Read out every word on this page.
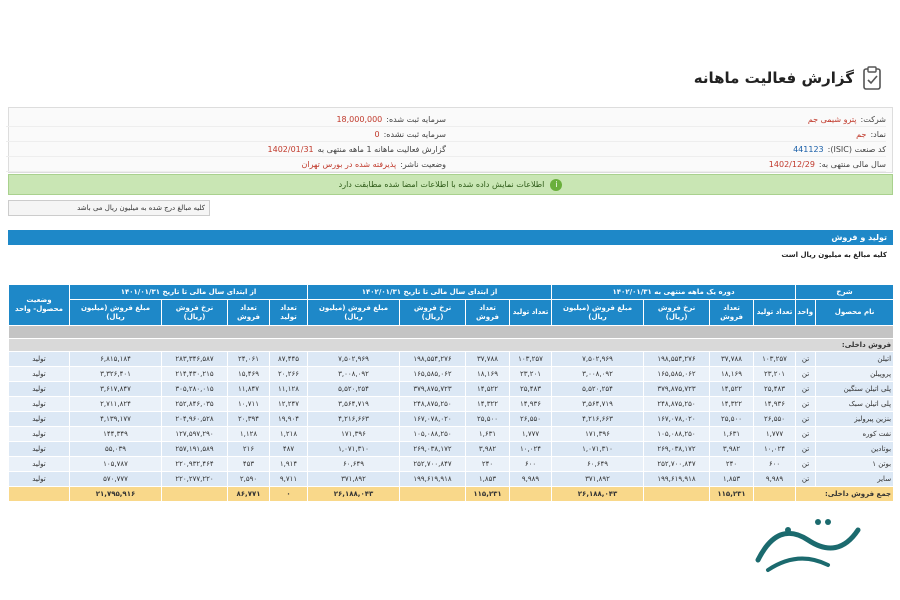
گزارش فعالیت ماهانه
شرکت:پترو شیمی جم
نماد:جم
کد صنعت (ISIC):441123
سال مالی منتهی به:1402/12/29
سرمایه ثبت شده:18,000,000
سرمایه ثبت نشده:0
گزارش فعالیت ماهانه 1 ماهه منتهی به1402/01/31
وضعیت ناشر:پذیرفته شده در بورس تهران
i
اطلاعات نمایش داده شده با اطلاعات امضا شده مطابقت دارد
کلیه مبالغ درج شده به میلیون ریال می باشد
تولید و فروش
کلیه مبالغ به میلیون ریال است
شرح		دوره یک ماهه منتهی به ۱۴۰۲/۰۱/۳۱				از ابتدای سال مالی تا تاریخ ۱۴۰۲/۰۱/۳۱				از ابتدای سال مالی تا تاریخ ۱۴۰۱/۰۱/۳۱				وضعیت محصول- واحد
نام محصول	واحد	تعداد تولید	تعداد فروش	نرخ فروش (ریال)	مبلغ فروش (میلیون ریال)	تعداد تولید	تعداد فروش	نرخ فروش (ریال)	مبلغ فروش (میلیون ریال)	تعداد تولید	تعداد فروش	نرخ فروش (ریال)	مبلغ فروش (میلیون ریال)	

فروش داخلی:														
اتیلن	تن	۱۰۳,۲۵۷	۳۷,۷۸۸	۱۹۸,۵۵۴,۲۷۶	۷,۵۰۲,۹۶۹	۱۰۳,۲۵۷	۳۷,۷۸۸	۱۹۸,۵۵۴,۲۷۶	۷,۵۰۲,۹۶۹	۸۷,۴۴۵	۲۴,۰۶۱	۲۸۳,۳۴۶,۵۸۷	۶,۸۱۵,۱۸۴	تولید
پروپیلن	تن	۲۳,۲۰۱	۱۸,۱۶۹	۱۶۵,۵۸۵,۰۶۲	۳,۰۰۸,۰۹۲	۲۳,۲۰۱	۱۸,۱۶۹	۱۶۵,۵۸۵,۰۶۲	۳,۰۰۸,۰۹۲	۲۰,۲۶۶	۱۵,۴۶۹	۲۱۴,۴۳۰,۲۱۵	۳,۳۲۶,۴۰۱	تولید
پلی اتیلن سنگین	تن	۲۵,۴۸۳	۱۴,۵۲۲	۳۷۹,۸۷۵,۷۲۳	۵,۵۲۰,۲۵۴	۲۵,۴۸۳	۱۴,۵۲۲	۳۷۹,۸۷۵,۷۲۳	۵,۵۲۰,۲۵۴	۱۱,۱۲۸	۱۱,۸۴۷	۳۰۵,۲۸۰,۰۱۵	۳,۶۱۷,۸۴۷	تولید
پلی اتیلن سبک	تن	۱۴,۹۳۶	۱۴,۳۲۲	۲۴۸,۸۷۵,۲۵۰	۳,۵۶۴,۷۱۹	۱۴,۹۳۶	۱۴,۳۲۲	۲۴۸,۸۷۵,۲۵۰	۳,۵۶۴,۷۱۹	۱۲,۲۴۷	۱۰,۷۱۱	۲۵۲,۸۴۶,۰۳۵	۲,۷۱۱,۸۲۴	تولید
بنزین پیرولیز	تن	۲۶,۵۵۰	۲۵,۵۰۰	۱۶۷,۰۷۸,۰۲۰	۴,۲۱۶,۶۶۳	۲۶,۵۵۰	۲۵,۵۰۰	۱۶۷,۰۷۸,۰۲۰	۴,۲۱۶,۶۶۳	۱۹,۹۰۴	۲۰,۳۹۴	۲۰۴,۹۶۰,۵۲۸	۴,۱۳۹,۱۷۷	تولید
نفت کوره	تن	۱,۷۷۷	۱,۶۳۱	۱۰۵,۰۸۸,۲۵۰	۱۷۱,۳۹۶	۱,۷۷۷	۱,۶۳۱	۱۰۵,۰۸۸,۲۵۰	۱۷۱,۳۹۶	۱,۲۱۸	۱,۱۲۸	۱۲۷,۵۹۷,۲۹۰	۱۴۴,۳۴۹	تولید
بوتادین	تن	۱۰,۰۲۴	۳,۹۸۲	۲۶۹,۰۳۸,۱۷۲	۱,۰۷۱,۳۱۰	۱۰,۰۲۴	۳,۹۸۲	۲۶۹,۰۳۸,۱۷۲	۱,۰۷۱,۳۱۰	۴۸۷	۲۱۶	۲۵۷,۱۹۱,۵۸۹	۵۵,۰۳۹	تولید
بوتن ۱	تن	۶۰۰	۲۴۰	۲۵۲,۷۰۰,۸۴۷	۶۰,۶۴۹	۶۰۰	۲۴۰	۲۵۲,۷۰۰,۸۴۷	۶۰,۶۴۹	۱,۹۱۴	۴۵۳	۲۲۰,۹۳۲,۴۶۴	۱۰۵,۷۸۷	تولید
سایر	تن	۹,۹۸۹	۱,۸۵۳	۱۹۹,۶۱۹,۹۱۸	۳۷۱,۸۹۲	۹,۹۸۹	۱,۸۵۳	۱۹۹,۶۱۹,۹۱۸	۳۷۱,۸۹۲	۹,۷۱۱	۲,۵۹۰	۲۲۰,۲۷۷,۲۲۰	۵۷۰,۷۷۷	تولید
جمع فروش داخلی:			۱۱۵,۲۳۱		۲۶,۱۸۸,۰۴۳		۱۱۵,۲۳۱		۲۶,۱۸۸,۰۴۳	۰	۸۶,۷۷۱		۲۱,۷۹۵,۹۱۶	
